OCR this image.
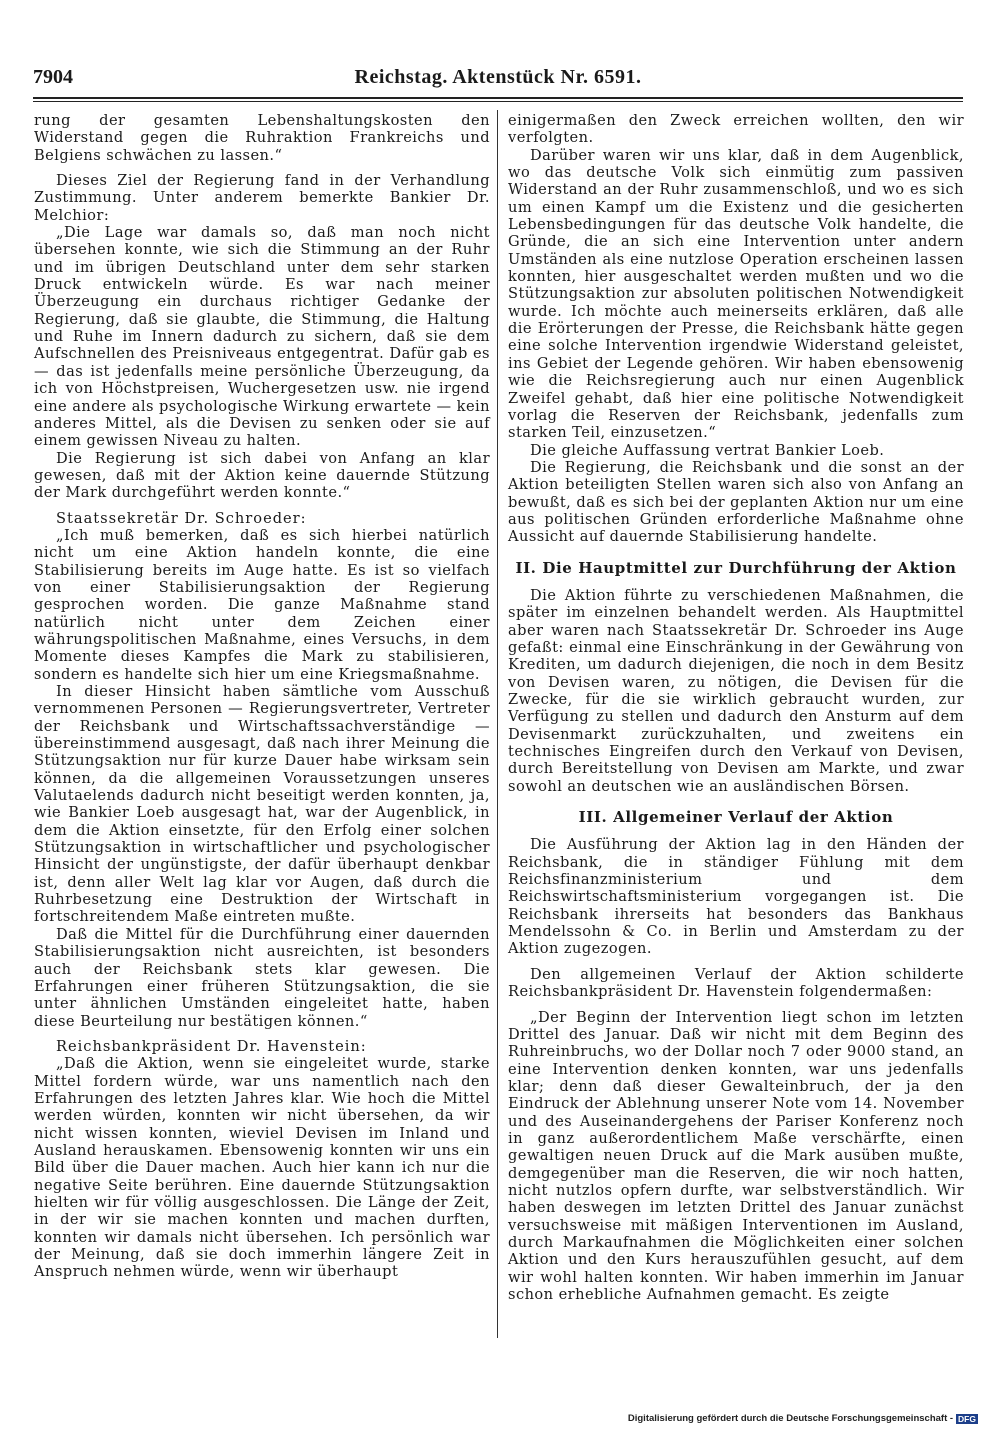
7904	Reichstag. Aktenstück Nr. 6591.

rung der gesamten Lebenshaltungskosten den Widerstand gegen die Ruhraktion Frankreichs und Belgiens schwächen zu lassen.“

Dieses Ziel der Regierung fand in der Verhandlung Zustimmung. Unter anderem bemerkte Bankier Dr. Melchior:

„Die Lage war damals so, daß man noch nicht übersehen konnte, wie sich die Stimmung an der Ruhr und im übrigen Deutschland unter dem sehr starken Druck entwickeln würde. Es war nach meiner Überzeugung ein durchaus richtiger Gedanke der Regierung, daß sie glaubte, die Stimmung, die Haltung und Ruhe im Innern dadurch zu sichern, daß sie dem Aufschnellen des Preisniveaus entgegentrat. Dafür gab es — das ist jedenfalls meine persönliche Überzeugung, da ich von Höchstpreisen, Wuchergesetzen usw. nie irgend eine andere als psychologische Wirkung erwartete — kein anderes Mittel, als die Devisen zu senken oder sie auf einem gewissen Niveau zu halten.

Die Regierung ist sich dabei von Anfang an klar gewesen, daß mit der Aktion keine dauernde Stützung der Mark durchgeführt werden konnte.“

Staatssekretär Dr. Schroeder:

„Ich muß bemerken, daß es sich hierbei natürlich nicht um eine Aktion handeln konnte, die eine Stabilisierung bereits im Auge hatte. Es ist so vielfach von einer Stabilisierungsaktion der Regierung gesprochen worden. Die ganze Maßnahme stand natürlich nicht unter dem Zeichen einer währungspolitischen Maßnahme, eines Versuchs, in dem Momente dieses Kampfes die Mark zu stabilisieren, sondern es handelte sich hier um eine Kriegsmaßnahme.

In dieser Hinsicht haben sämtliche vom Ausschuß vernommenen Personen — Regierungsvertreter, Vertreter der Reichsbank und Wirtschaftssachverständige — übereinstimmend ausgesagt, daß nach ihrer Meinung die Stützungsaktion nur für kurze Dauer habe wirksam sein können, da die allgemeinen Voraussetzungen unseres Valutaelends dadurch nicht beseitigt werden konnten, ja, wie Bankier Loeb ausgesagt hat, war der Augenblick, in dem die Aktion einsetzte, für den Erfolg einer solchen Stützungsaktion in wirtschaftlicher und psychologischer Hinsicht der ungünstigste, der dafür überhaupt denkbar ist, denn aller Welt lag klar vor Augen, daß durch die Ruhrbesetzung eine Destruktion der Wirtschaft in fortschreitendem Maße eintreten mußte.

Daß die Mittel für die Durchführung einer dauernden Stabilisierungsaktion nicht ausreichten, ist besonders auch der Reichsbank stets klar gewesen. Die Erfahrungen einer früheren Stützungsaktion, die sie unter ähnlichen Umständen eingeleitet hatte, haben diese Beurteilung nur bestätigen können.“

Reichsbankpräsident Dr. Havenstein:

„Daß die Aktion, wenn sie eingeleitet wurde, starke Mittel fordern würde, war uns namentlich nach den Erfahrungen des letzten Jahres klar. Wie hoch die Mittel werden würden, konnten wir nicht übersehen, da wir nicht wissen konnten, wieviel Devisen im Inland und Ausland herauskamen. Ebensowenig konnten wir uns ein Bild über die Dauer machen. Auch hier kann ich nur die negative Seite berühren. Eine dauernde Stützungsaktion hielten wir für völlig ausgeschlossen. Die Länge der Zeit, in der wir sie machen konnten und machen durften, konnten wir damals nicht übersehen. Ich persönlich war der Meinung, daß sie doch immerhin längere Zeit in Anspruch nehmen würde, wenn wir überhaupt

einigermaßen den Zweck erreichen wollten, den wir verfolgten.

Darüber waren wir uns klar, daß in dem Augenblick, wo das deutsche Volk sich einmütig zum passiven Widerstand an der Ruhr zusammenschloß, und wo es sich um einen Kampf um die Existenz und die gesicherten Lebensbedingungen für das deutsche Volk handelte, die Gründe, die an sich eine Intervention unter andern Umständen als eine nutzlose Operation erscheinen lassen konnten, hier ausgeschaltet werden mußten und wo die Stützungsaktion zur absoluten politischen Notwendigkeit wurde. Ich möchte auch meinerseits erklären, daß alle die Erörterungen der Presse, die Reichsbank hätte gegen eine solche Intervention irgendwie Widerstand geleistet, ins Gebiet der Legende gehören. Wir haben ebensowenig wie die Reichsregierung auch nur einen Augenblick Zweifel gehabt, daß hier eine politische Notwendigkeit vorlag die Reserven der Reichsbank, jedenfalls zum starken Teil, einzusetzen.“

Die gleiche Auffassung vertrat Bankier Loeb.

Die Regierung, die Reichsbank und die sonst an der Aktion beteiligten Stellen waren sich also von Anfang an bewußt, daß es sich bei der geplanten Aktion nur um eine aus politischen Gründen erforderliche Maßnahme ohne Aussicht auf dauernde Stabilisierung handelte.

II. Die Hauptmittel zur Durchführung der Aktion

Die Aktion führte zu verschiedenen Maßnahmen, die später im einzelnen behandelt werden. Als Hauptmittel aber waren nach Staatssekretär Dr. Schroeder ins Auge gefaßt: einmal eine Einschränkung in der Gewährung von Krediten, um dadurch diejenigen, die noch in dem Besitz von Devisen waren, zu nötigen, die Devisen für die Zwecke, für die sie wirklich gebraucht wurden, zur Verfügung zu stellen und dadurch den Ansturm auf dem Devisenmarkt zurückzuhalten, und zweitens ein technisches Eingreifen durch den Verkauf von Devisen, durch Bereitstellung von Devisen am Markte, und zwar sowohl an deutschen wie an ausländischen Börsen.

III. Allgemeiner Verlauf der Aktion

Die Ausführung der Aktion lag in den Händen der Reichsbank, die in ständiger Fühlung mit dem Reichsfinanzministerium und dem Reichswirtschaftsministerium vorgegangen ist. Die Reichsbank ihrerseits hat besonders das Bankhaus Mendelssohn & Co. in Berlin und Amsterdam zu der Aktion zugezogen.

Den allgemeinen Verlauf der Aktion schilderte Reichsbankpräsident Dr. Havenstein folgendermaßen:

„Der Beginn der Intervention liegt schon im letzten Drittel des Januar. Daß wir nicht mit dem Beginn des Ruhreinbruchs, wo der Dollar noch 7 oder 9000 stand, an eine Intervention denken konnten, war uns jedenfalls klar; denn daß dieser Gewalteinbruch, der ja den Eindruck der Ablehnung unserer Note vom 14. November und des Auseinandergehens der Pariser Konferenz noch in ganz außerordentlichem Maße verschärfte, einen gewaltigen neuen Druck auf die Mark ausüben mußte, demgegenüber man die Reserven, die wir noch hatten, nicht nutzlos opfern durfte, war selbstverständlich. Wir haben deswegen im letzten Drittel des Januar zunächst versuchsweise mit mäßigen Interventionen im Ausland, durch Markaufnahmen die Möglichkeiten einer solchen Aktion und den Kurs herauszufühlen gesucht, auf dem wir wohl halten konnten. Wir haben immerhin im Januar schon erhebliche Aufnahmen gemacht. Es zeigte

Digitalisierung gefördert durch die Deutsche Forschungsgemeinschaft - DFG
